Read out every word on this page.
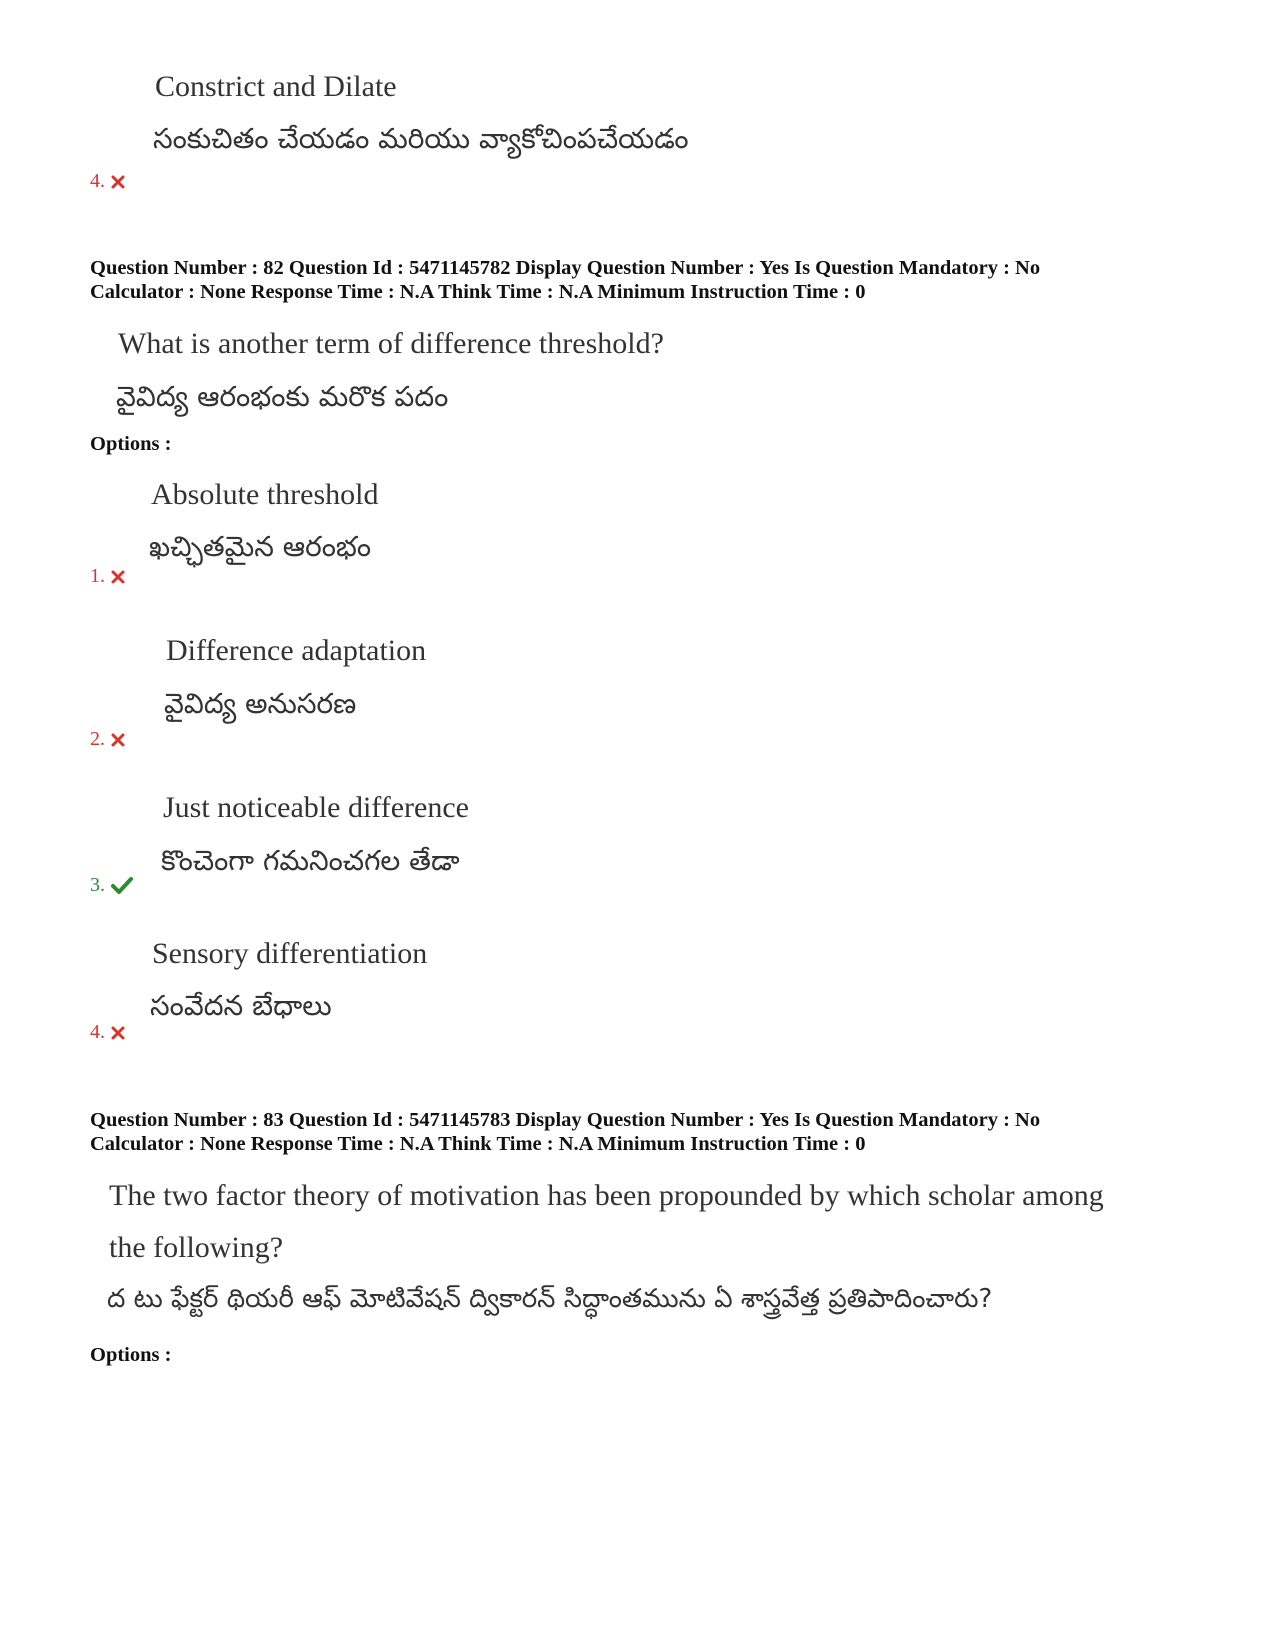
Constrict and Dilate
సంకుచితం చేయడం మరియు వ్యాకోచింపచేయడం
4.
Question Number : 82 Question Id : 5471145782 Display Question Number : Yes Is Question Mandatory : No
Calculator : None Response Time : N.A Think Time : N.A Minimum Instruction Time : 0
What is another term of difference threshold?
వైవిద్య ఆరంభంకు మరొక పదం
Options :
Absolute threshold
ఖచ్ఛితమైన ఆరంభం
1.
Difference adaptation
వైవిద్య అనుసరణ
2.
Just noticeable difference
కొంచెంగా గమనించగల తేడా
3.
Sensory differentiation
సంవేదన బేధాలు
4.
Question Number : 83 Question Id : 5471145783 Display Question Number : Yes Is Question Mandatory : No
Calculator : None Response Time : N.A Think Time : N.A Minimum Instruction Time : 0
The two factor theory of motivation has been propounded by which scholar among
the following?
ద టు ఫేక్టర్ థియరీ ఆఫ్ మోటివేషన్ ద్వికారన్ సిద్ధాంతమును ఏ శాస్త్రవేత్త ప్రతిపాదించారు?
Options :
